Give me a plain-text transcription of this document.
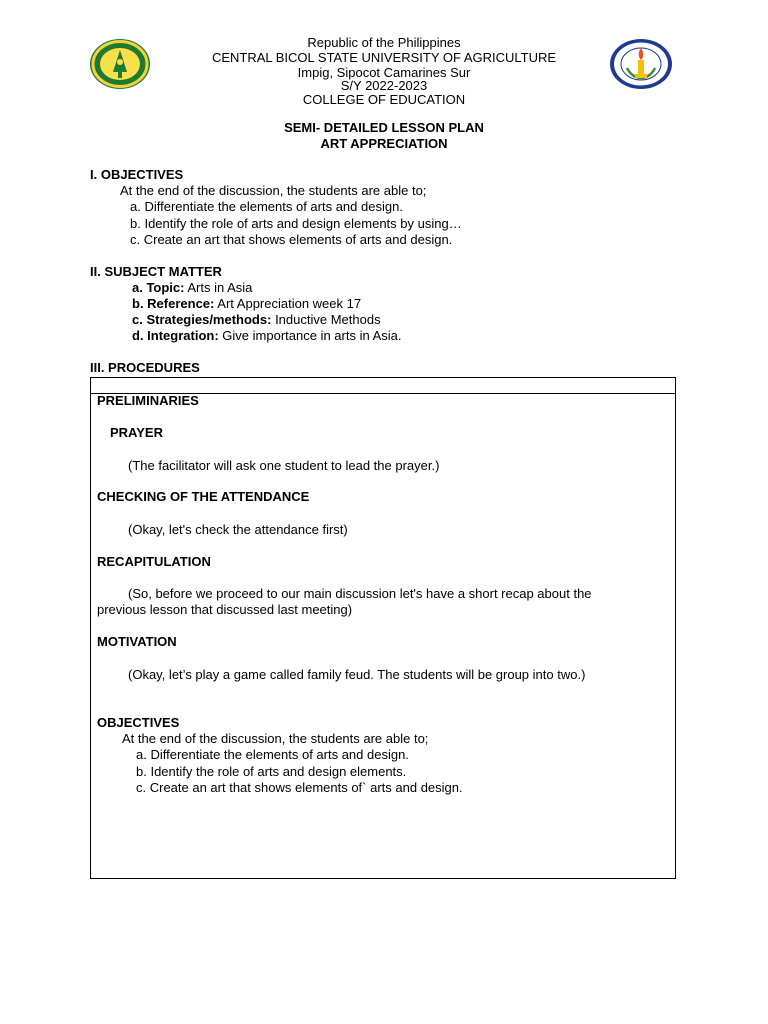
Republic of the Philippines
CENTRAL BICOL STATE UNIVERSITY OF AGRICULTURE
Impig, Sipocot Camarines Sur
S/Y 2022-2023
COLLEGE OF EDUCATION
SEMI- DETAILED LESSON PLAN
ART APPRECIATION
I. OBJECTIVES
At the end of the discussion, the students are able to;
a. Differentiate the elements of arts and design.
b. Identify the role of arts and design elements by using…
c. Create an art that shows elements of arts and design.
II. SUBJECT MATTER
a. Topic: Arts in Asia
b. Reference: Art Appreciation week 17
c. Strategies/methods: Inductive Methods
d. Integration: Give importance in arts in Asia.
III. PROCEDURES
PRELIMINARIES
PRAYER
(The facilitator will ask one student to lead the prayer.)
CHECKING OF THE ATTENDANCE
(Okay, let's check the attendance first)
RECAPITULATION
(So, before we proceed to our main discussion let's have a short recap about the
previous lesson that discussed last meeting)
MOTIVATION
(Okay, let’s play a game called family feud. The students will be group into two.)
OBJECTIVES
At the end of the discussion, the students are able to;
a. Differentiate the elements of arts and design.
b. Identify the role of arts and design elements.
c. Create an art that shows elements of` arts and design.
